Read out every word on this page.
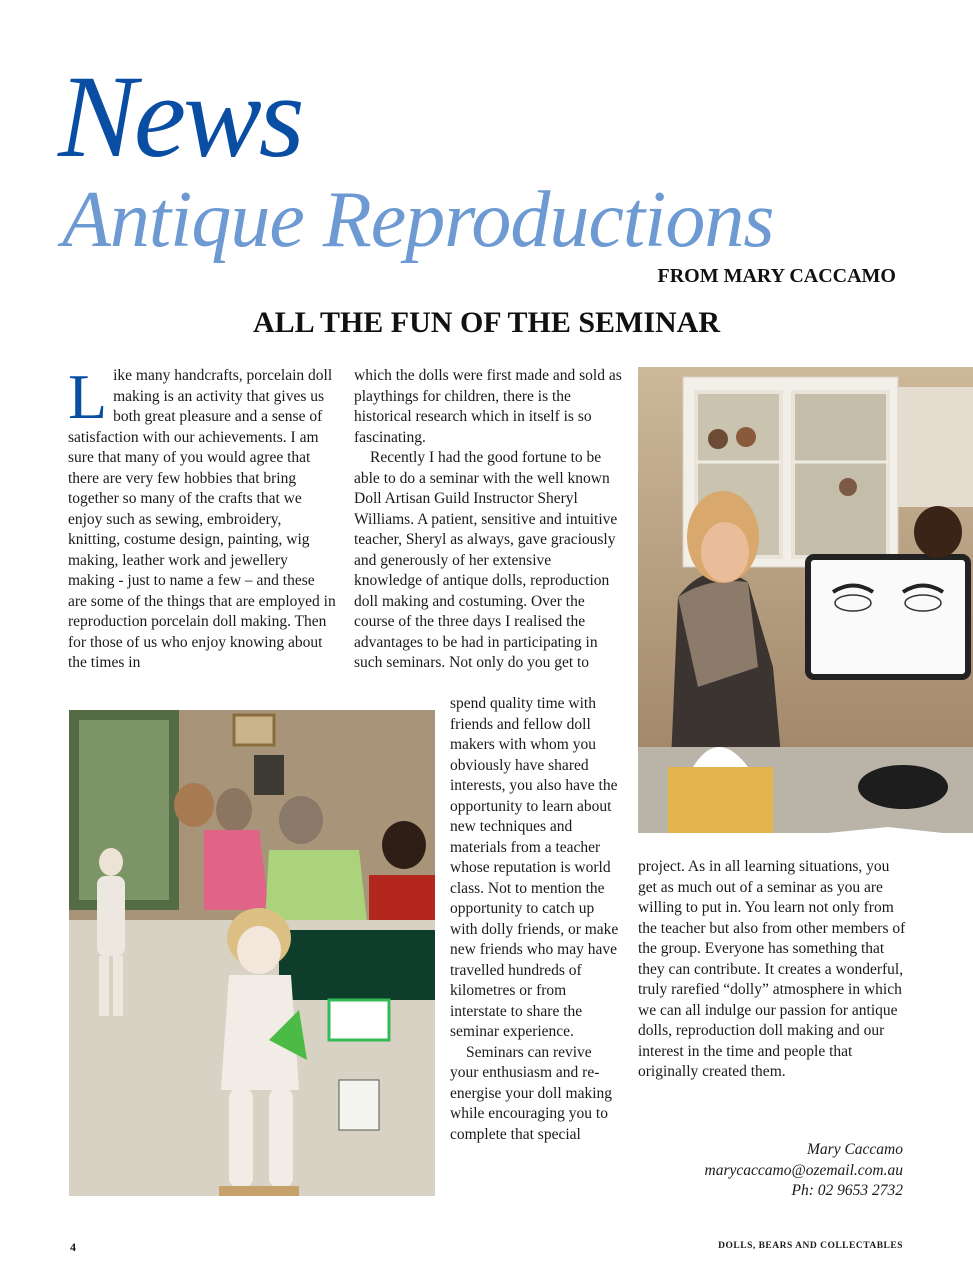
News
Antique Reproductions
FROM MARY CACCAMO
ALL THE FUN OF THE SEMINAR

Like many handcrafts, porcelain doll making is an activity that gives us both great pleasure and a sense of satisfaction with our achievements. I am sure that many of you would agree that there are very few hobbies that bring together so many of the crafts that we enjoy such as sewing, embroidery, knitting, costume design, painting, wig making, leather work and jewellery making - just to name a few – and these are some of the things that are employed in reproduction porcelain doll making. Then for those of us who enjoy knowing about the times in

which the dolls were first made and sold as playthings for children, there is the historical research which in itself is so fascinating.

Recently I had the good fortune to be able to do a seminar with the well known Doll Artisan Guild Instructor Sheryl Williams. A patient, sensitive and intuitive teacher, Sheryl as always, gave graciously and generously of her extensive knowledge of antique dolls, reproduction doll making and costuming. Over the course of the three days I realised the advantages to be had in participating in such seminars. Not only do you get to

spend quality time with friends and fellow doll makers with whom you obviously have shared interests, you also have the opportunity to learn about new techniques and materials from a teacher whose reputation is world class. Not to mention the opportunity to catch up with dolly friends, or make new friends who may have travelled hundreds of kilometres or from interstate to share the seminar experience.

Seminars can revive your enthusiasm and re-energise your doll making while encouraging you to complete that special

project. As in all learning situations, you get as much out of a seminar as you are willing to put in. You learn not only from the teacher but also from other members of the group. Everyone has something that they can contribute. It creates a wonderful, truly rarefied “dolly” atmosphere in which we can all indulge our passion for antique dolls, reproduction doll making and our interest in the time and people that originally created them.

Mary Caccamo
marycaccamo@ozemail.com.au
Ph: 02 9653 2732
4	DOLLS, BEARS AND COLLECTABLES
